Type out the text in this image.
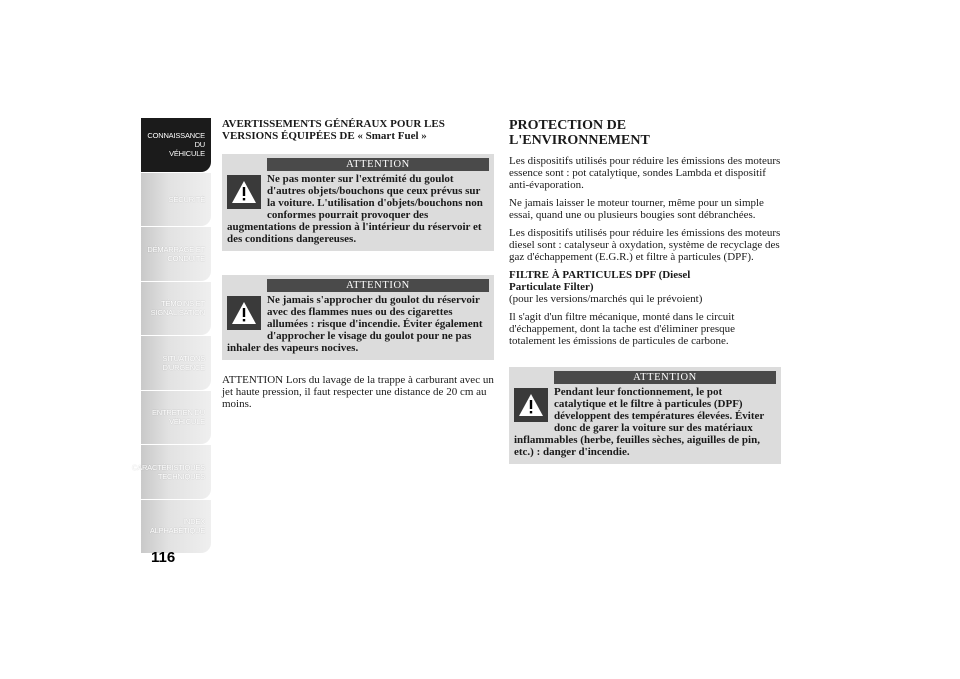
CONNAISSANCE DU
VÉHICULE
SÉCURITÉ
DÉMARRAGE ET
CONDUITE
TÉMOINS ET
SIGNALISATION
SITUATIONS
D'URGENCE
ENTRETIEN DU
VÉHICULE
CARACTÉRISTIQUES
TECHNIQUES
INDEX
ALPHABÉTIQUE
116
AVERTISSEMENTS GÉNÉRAUX POUR LES
VERSIONS ÉQUIPÉES DE « Smart Fuel »
ATTENTION
Ne pas monter sur l'extrémité du goulot d'autres objets/bouchons que ceux prévus sur la voiture. L'utilisation d'objets/bouchons non conformes pourrait provoquer des augmentations de pression à l'intérieur du réservoir et des conditions dangereuses.
ATTENTION
Ne jamais s'approcher du goulot du réservoir avec des flammes nues ou des cigarettes allumées : risque d'incendie. Éviter également d'approcher le visage du goulot pour ne pas inhaler des vapeurs nocives.

ATTENTION Lors du lavage de la trappe à carburant avec un jet haute pression, il faut respecter une distance de 20 cm au moins.

PROTECTION DE
L'ENVIRONNEMENT

Les dispositifs utilisés pour réduire les émissions des moteurs essence sont : pot catalytique, sondes Lambda et dispositif anti-évaporation.

Ne jamais laisser le moteur tourner, même pour un simple essai, quand une ou plusieurs bougies sont débranchées.

Les dispositifs utilisés pour réduire les émissions des moteurs diesel sont : catalyseur à oxydation, système de recyclage des gaz d'échappement (E.G.R.) et filtre à particules (DPF).

FILTRE À PARTICULES DPF (Diesel
Particulate Filter)

(pour les versions/marchés qui le prévoient)

Il s'agit d'un filtre mécanique, monté dans le circuit d'échappement, dont la tache est d'éliminer presque totalement les émissions de particules de carbone.

ATTENTION
Pendant leur fonctionnement, le pot catalytique et le filtre à particules (DPF) développent des températures élevées. Éviter donc de garer la voiture sur des matériaux inflammables (herbe, feuilles sèches, aiguilles de pin, etc.) : danger d'incendie.
